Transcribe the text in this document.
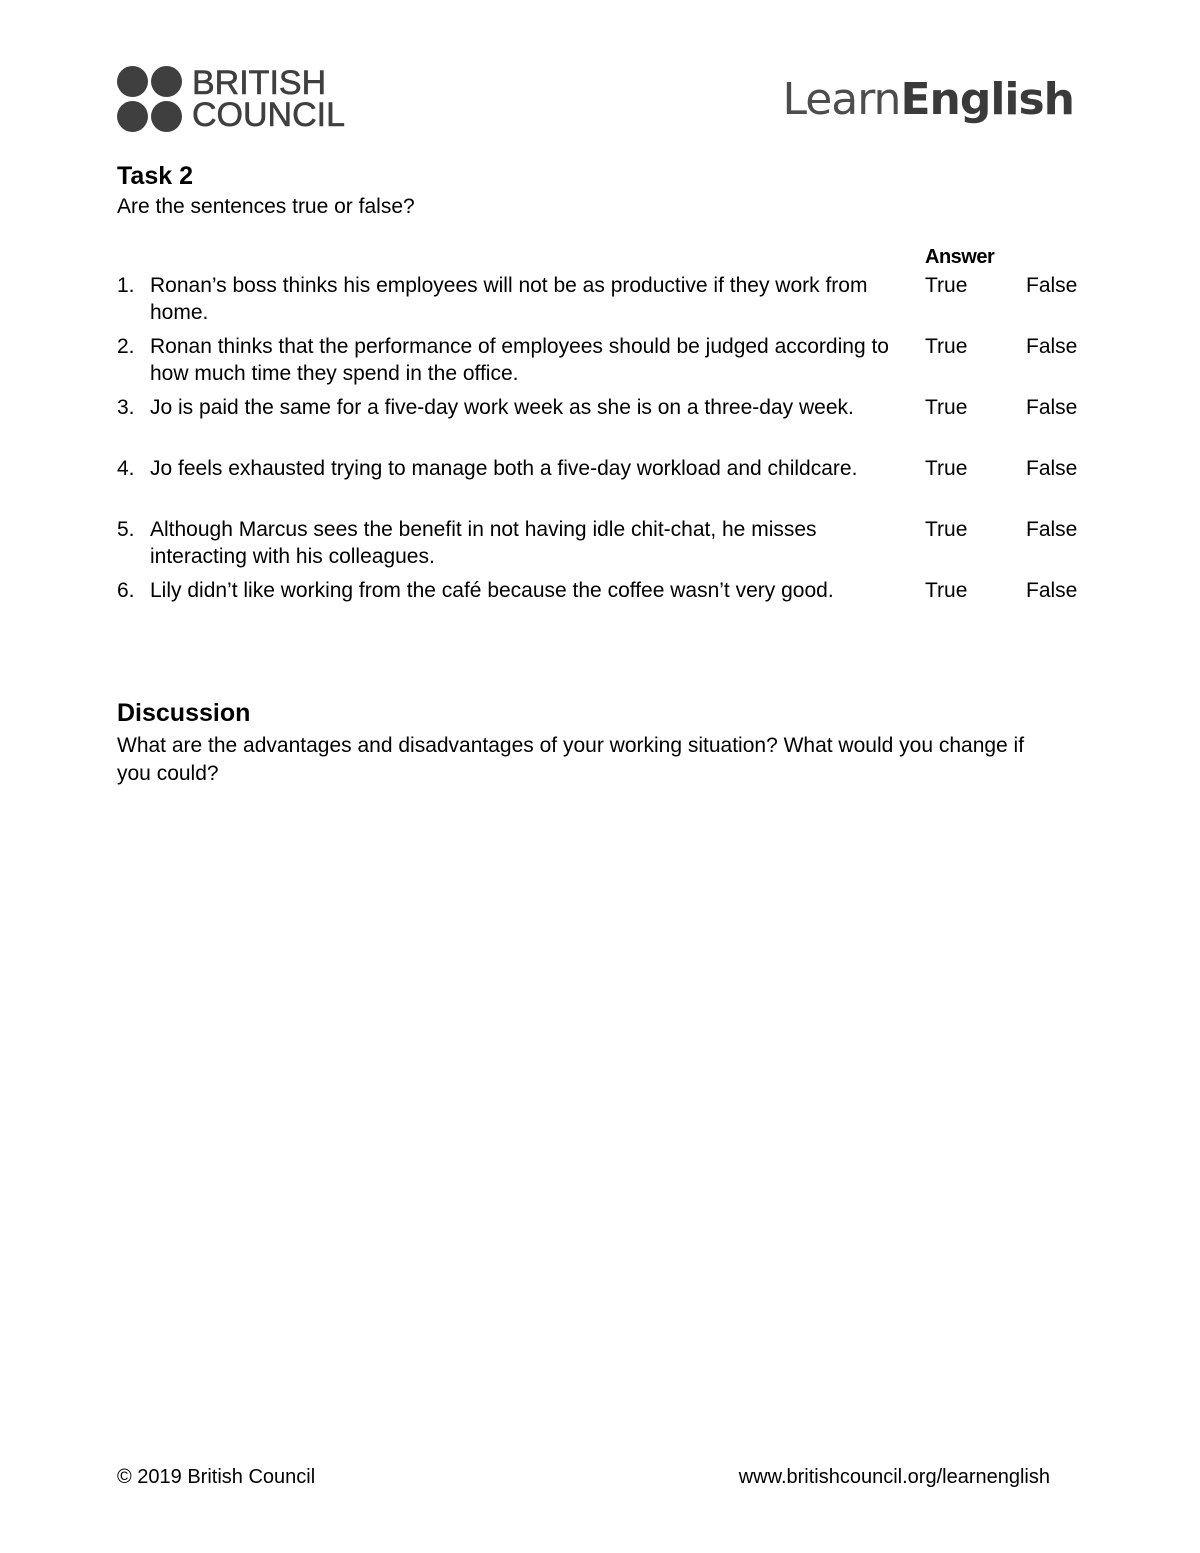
BRITISH
COUNCIL	LearnEnglish
Task 2
Are the sentences true or false?
Answer
1. Ronan’s boss thinks his employees will not be as productive if they work from home.
True	False
2. Ronan thinks that the performance of employees should be judged according to how much time they spend in the office.
True	False
3. Jo is paid the same for a five-day work week as she is on a three-day week.	True	False
4. Jo feels exhausted trying to manage both a five-day workload and childcare.	True	False
5. Although Marcus sees the benefit in not having idle chit-chat, he misses interacting with his colleagues.
True	False
6. Lily didn’t like working from the café because the coffee wasn’t very good.	True	False
Discussion
What are the advantages and disadvantages of your working situation? What would you change if you could?
© 2019 British Council	www.britishcouncil.org/learnenglish
